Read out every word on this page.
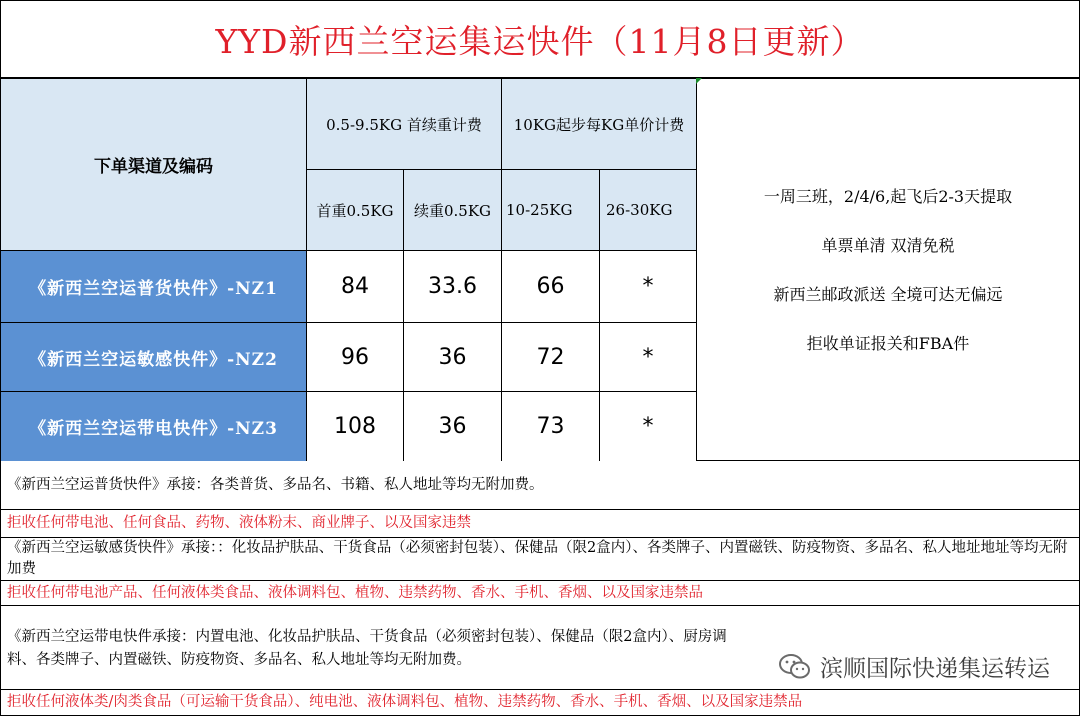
YYD新西兰空运集运快件（11月8日更新）
下单渠道及编码
0.5-9.5KG 首续重计费	10KG起步每KG单价计费
首重0.5KG	续重0.5KG 10-25KG	26-30KG
《新西兰空运普货快件》-NZ1	84	33.6	66	*
《新西兰空运敏感快件》-NZ2	96	36	72	*
《新西兰空运带电快件》-NZ3	108	36	73	*
一周三班，2/4/6,起飞后2-3天提取
单票单清 双清免税
新西兰邮政派送 全境可达无偏远
拒收单证报关和FBA件
《新西兰空运普货快件》承接：各类普货、多品名、书籍、私人地址等均无附加费。
拒收任何带电池、任何食品、药物、液体粉末、商业牌子、以及国家违禁
《新西兰空运敏感货快件》承接：：化妆品护肤品、干货食品（必须密封包装）、保健品（限2盒内）、各类牌子、内置磁铁、防疫物资、多品名、私人地址地址等均无附加费
拒收任何带电池产品、任何液体类食品、液体调料包、植物、违禁药物、香水、手机、香烟、以及国家违禁品
《新西兰空运带电快件承接：内置电池、化妆品护肤品、干货食品（必须密封包装）、保健品（限2盒内）、厨房调料、各类牌子、内置磁铁、防疫物资、多品名、私人地址等均无附加费。
拒收任何液体类/肉类食品（可运输干货食品）、纯电池、液体调料包、植物、违禁药物、香水、手机、香烟、以及国家违禁品
滨顺国际快递集运转运
